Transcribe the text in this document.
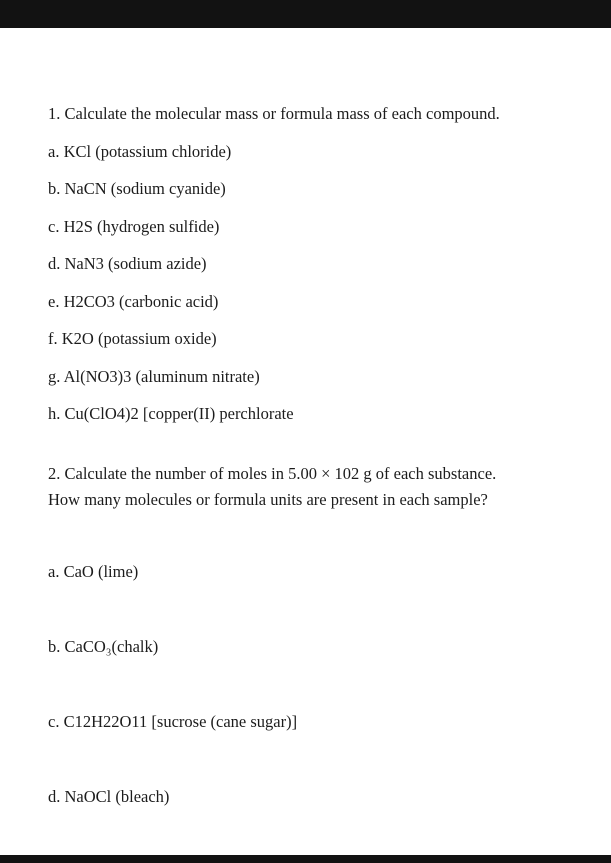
1. Calculate the molecular mass or formula mass of each compound.
a. KCl (potassium chloride)
b. NaCN (sodium cyanide)
c. H2S (hydrogen sulfide)
d. NaN3 (sodium azide)
e. H2CO3 (carbonic acid)
f. K2O (potassium oxide)
g. Al(NO3)3 (aluminum nitrate)
h. Cu(ClO4)2 [copper(II) perchlorate
2. Calculate the number of moles in 5.00 × 102 g of each substance.
How many molecules or formula units are present in each sample?
a. CaO (lime)
b. CaCO₃(chalk)
c. C12H22O11 [sucrose (cane sugar)]
d. NaOCl (bleach)
